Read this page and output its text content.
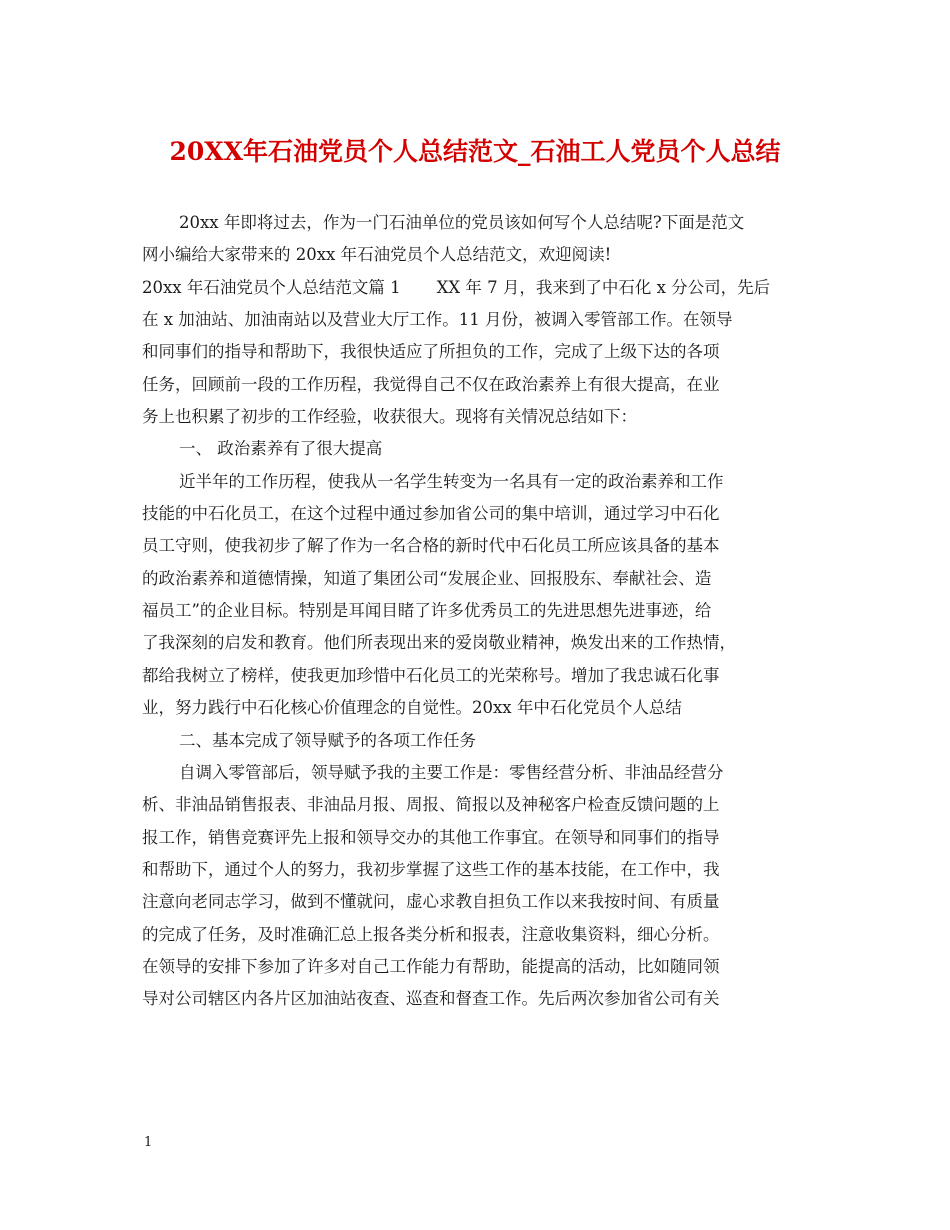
20XX年石油党员个人总结范文_石油工人党员个人总结
20xx 年即将过去，作为一门石油单位的党员该如何写个人总结呢?下面是范文
网小编给大家带来的 20xx 年石油党员个人总结范文，欢迎阅读!
20xx 年石油党员个人总结范文篇 1 XX 年 7 月，我来到了中石化 x 分公司，先后
在 x 加油站、加油南站以及营业大厅工作。11 月份，被调入零管部工作。在领导
和同事们的指导和帮助下，我很快适应了所担负的工作，完成了上级下达的各项
任务，回顾前一段的工作历程，我觉得自己不仅在政治素养上有很大提高，在业
务上也积累了初步的工作经验，收获很大。现将有关情况总结如下：
一、 政治素养有了很大提高
近半年的工作历程，使我从一名学生转变为一名具有一定的政治素养和工作
技能的中石化员工，在这个过程中通过参加省公司的集中培训，通过学习中石化
员工守则，使我初步了解了作为一名合格的新时代中石化员工所应该具备的基本
的政治素养和道德情操，知道了集团公司“发展企业、回报股东、奉献社会、造
福员工”的企业目标。特别是耳闻目睹了许多优秀员工的先进思想先进事迹，给
了我深刻的启发和教育。他们所表现出来的爱岗敬业精神，焕发出来的工作热情，
都给我树立了榜样，使我更加珍惜中石化员工的光荣称号。增加了我忠诚石化事
业，努力践行中石化核心价值理念的自觉性。20xx 年中石化党员个人总结
二、基本完成了领导赋予的各项工作任务
自调入零管部后，领导赋予我的主要工作是：零售经营分析、非油品经营分
析、非油品销售报表、非油品月报、周报、简报以及神秘客户检查反馈问题的上
报工作，销售竞赛评先上报和领导交办的其他工作事宜。在领导和同事们的指导
和帮助下，通过个人的努力，我初步掌握了这些工作的基本技能，在工作中，我
注意向老同志学习，做到不懂就问，虚心求教自担负工作以来我按时间、有质量
的完成了任务，及时准确汇总上报各类分析和报表，注意收集资料，细心分析。
在领导的安排下参加了许多对自己工作能力有帮助，能提高的活动，比如随同领
导对公司辖区内各片区加油站夜查、巡查和督查工作。先后两次参加省公司有关
1
